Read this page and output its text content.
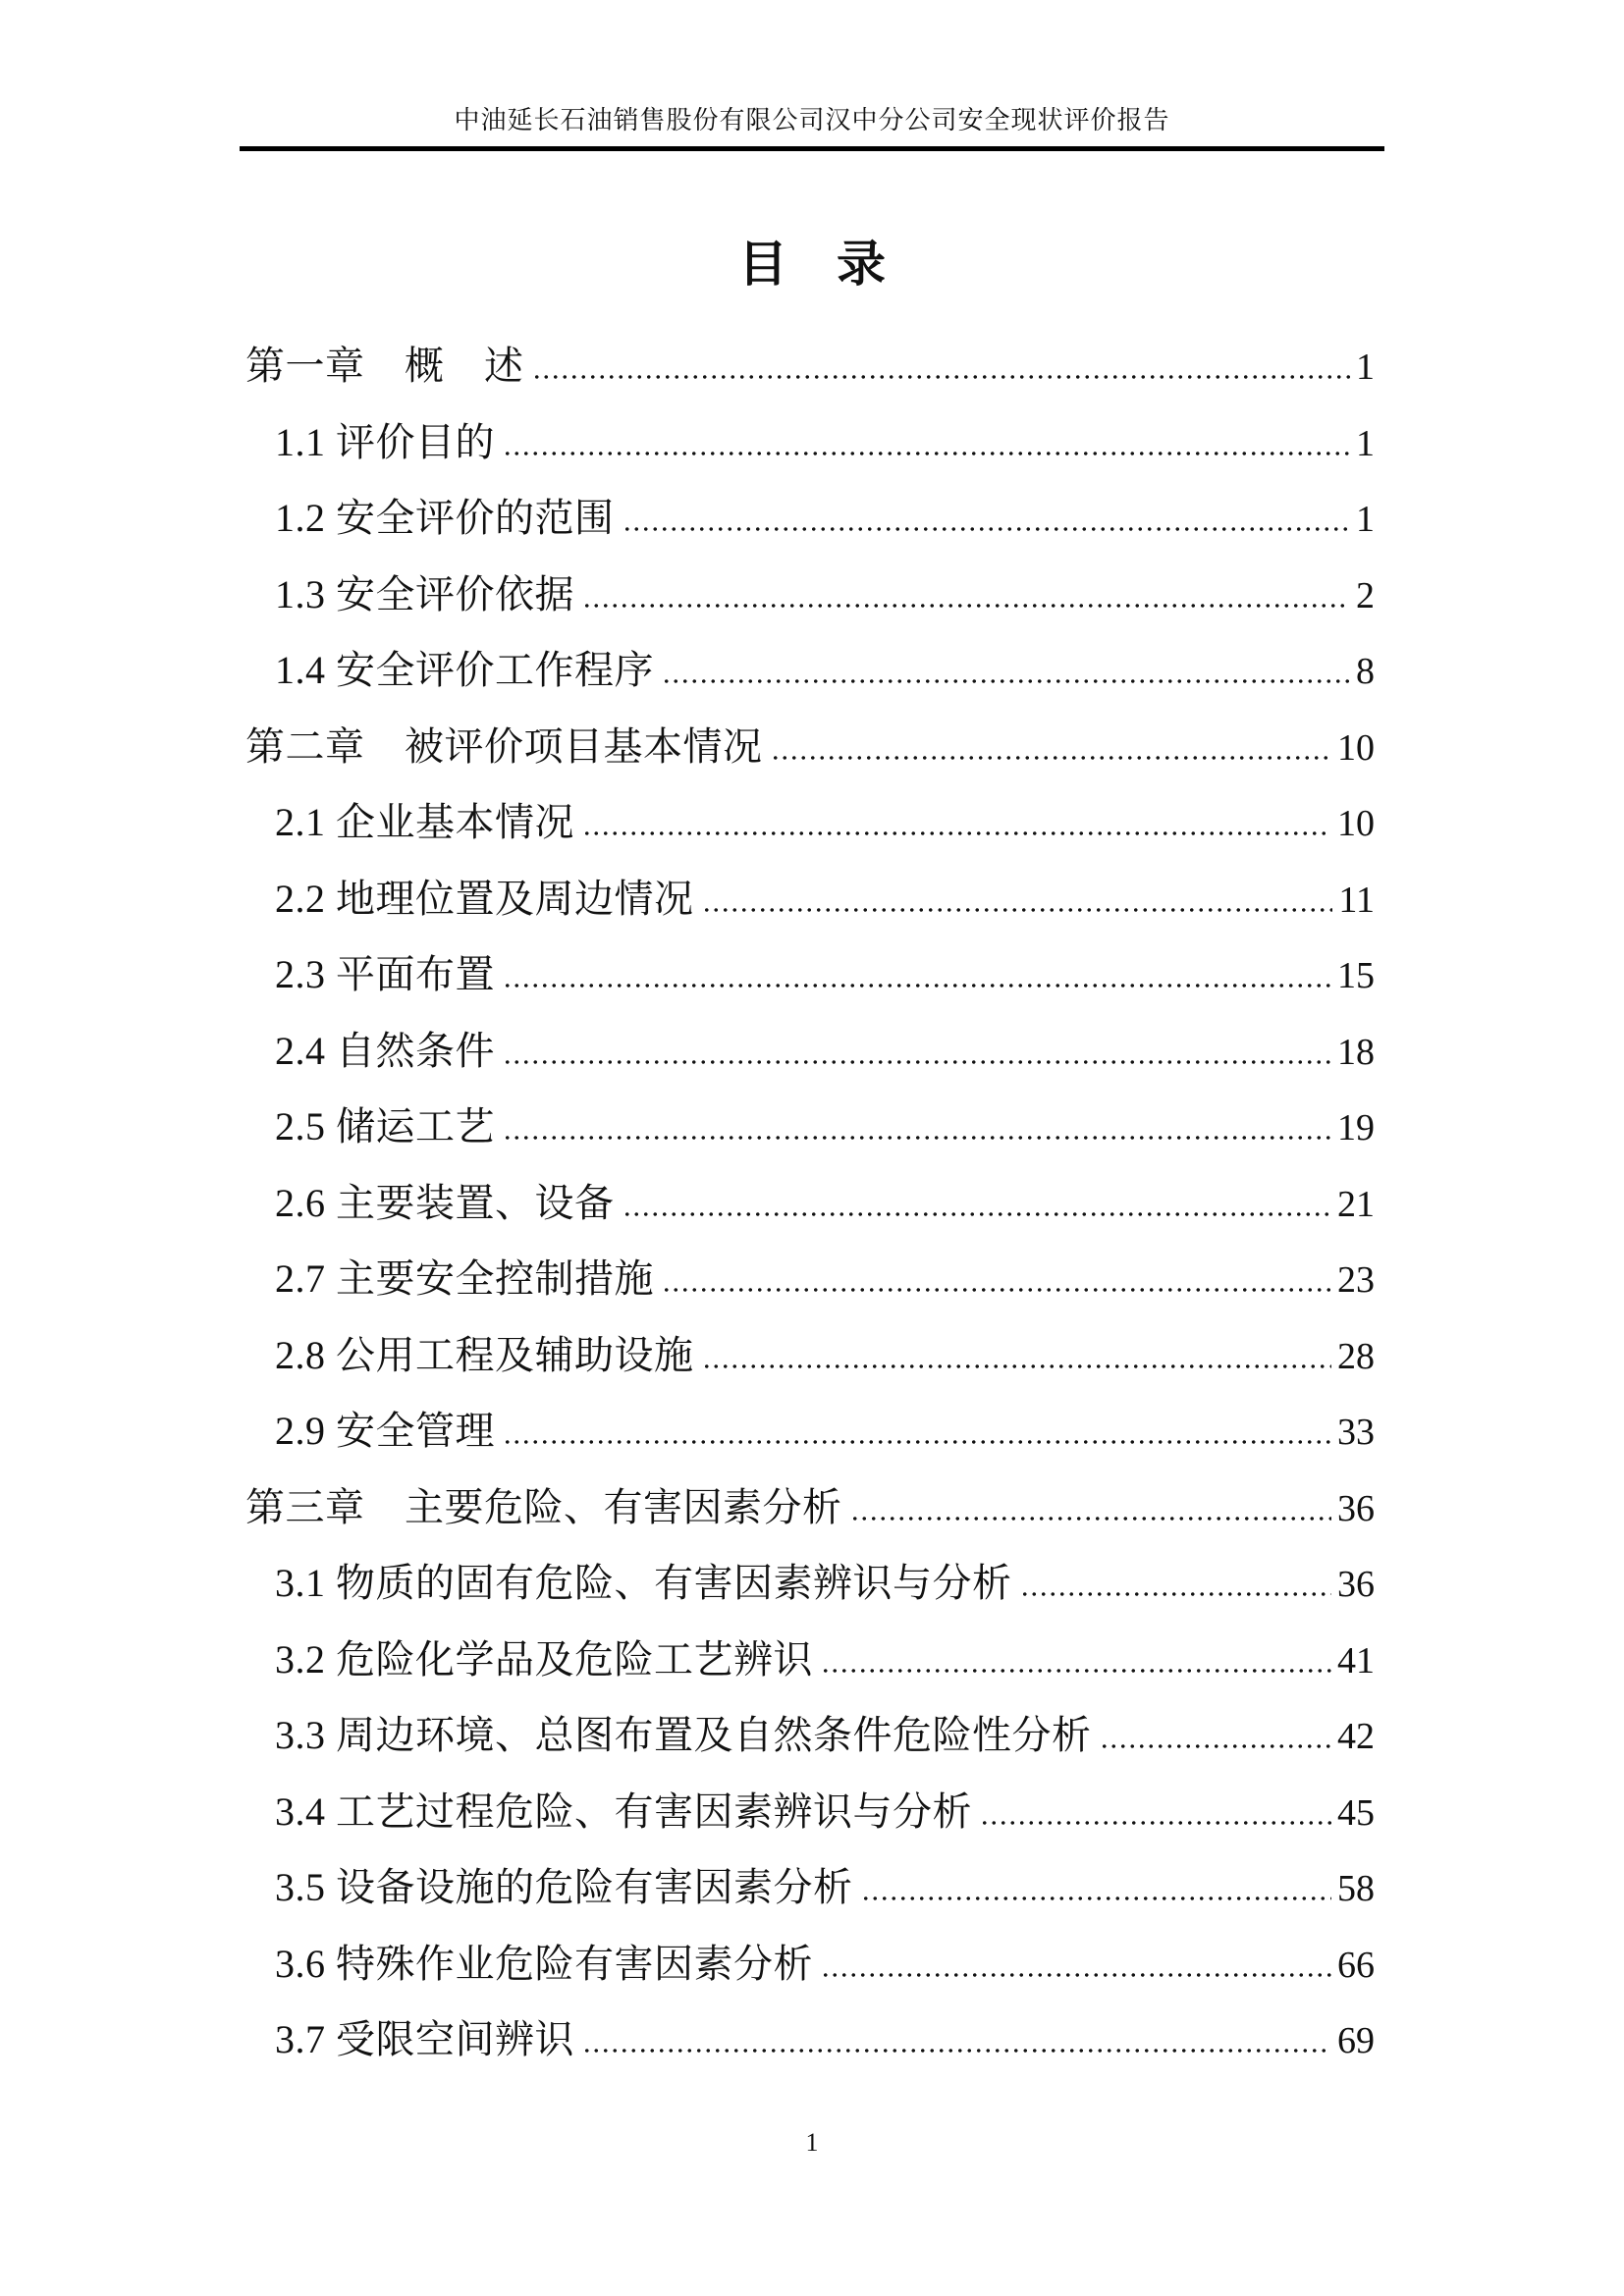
中油延长石油销售股份有限公司汉中分公司安全现状评价报告
目　录
第一章　概　述	1
1.1 评价目的	1
1.2 安全评价的范围	1
1.3 安全评价依据	2
1.4 安全评价工作程序	8
第二章　被评价项目基本情况	10
2.1 企业基本情况	10
2.2 地理位置及周边情况	11
2.3 平面布置	15
2.4 自然条件	18
2.5 储运工艺	19
2.6 主要装置、设备	21
2.7 主要安全控制措施	23
2.8 公用工程及辅助设施	28
2.9 安全管理	33
第三章　主要危险、有害因素分析	36
3.1 物质的固有危险、有害因素辨识与分析	36
3.2 危险化学品及危险工艺辨识	41
3.3 周边环境、总图布置及自然条件危险性分析	42
3.4 工艺过程危险、有害因素辨识与分析	45
3.5 设备设施的危险有害因素分析	58
3.6 特殊作业危险有害因素分析	66
3.7 受限空间辨识	69
1
